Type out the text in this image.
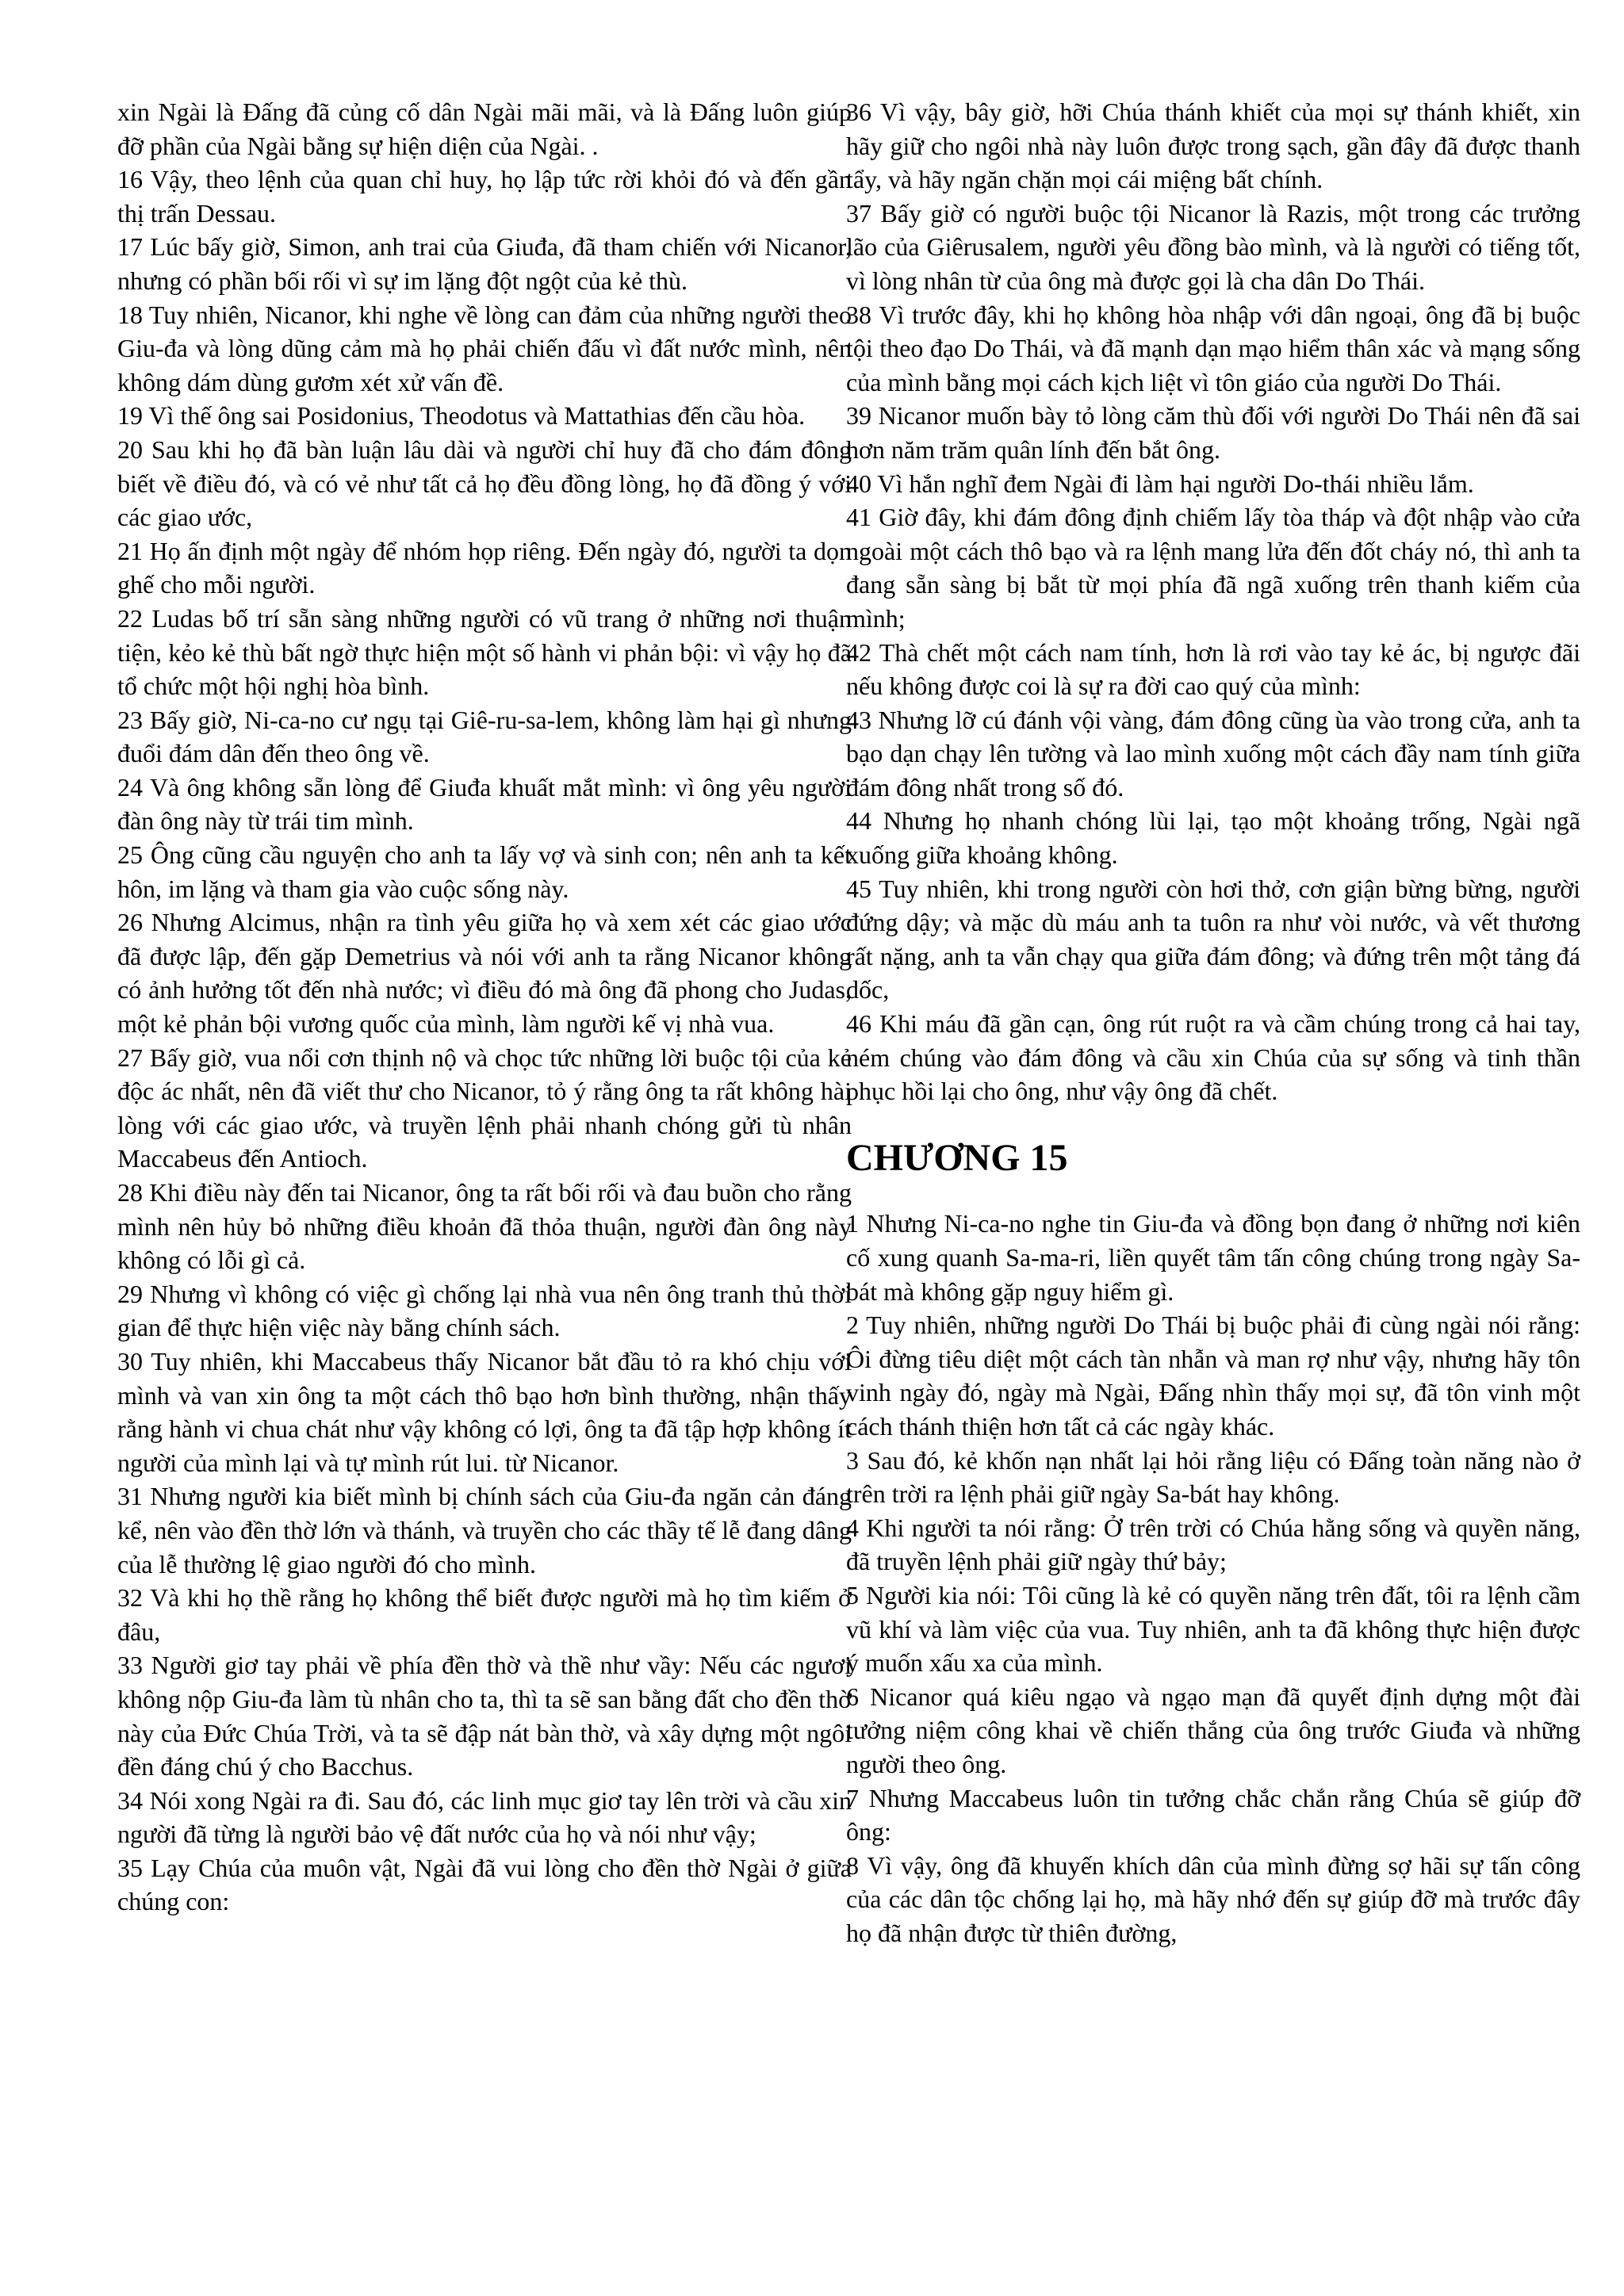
xin Ngài là Đấng đã củng cố dân Ngài mãi mãi, và là Đấng luôn giúp đỡ phần của Ngài bằng sự hiện diện của Ngài. .

16 Vậy, theo lệnh của quan chỉ huy, họ lập tức rời khỏi đó và đến gần thị trấn Dessau.

17 Lúc bấy giờ, Simon, anh trai của Giuđa, đã tham chiến với Nicanor, nhưng có phần bối rối vì sự im lặng đột ngột của kẻ thù.

18 Tuy nhiên, Nicanor, khi nghe về lòng can đảm của những người theo Giu-đa và lòng dũng cảm mà họ phải chiến đấu vì đất nước mình, nên không dám dùng gươm xét xử vấn đề.

19 Vì thế ông sai Posidonius, Theodotus và Mattathias đến cầu hòa.

20 Sau khi họ đã bàn luận lâu dài và người chỉ huy đã cho đám đông biết về điều đó, và có vẻ như tất cả họ đều đồng lòng, họ đã đồng ý với các giao ước,

21 Họ ấn định một ngày để nhóm họp riêng. Đến ngày đó, người ta dọn ghế cho mỗi người.

22 Ludas bố trí sẵn sàng những người có vũ trang ở những nơi thuận tiện, kẻo kẻ thù bất ngờ thực hiện một số hành vi phản bội: vì vậy họ đã tổ chức một hội nghị hòa bình.

23 Bấy giờ, Ni-ca-no cư ngụ tại Giê-ru-sa-lem, không làm hại gì nhưng đuổi đám dân đến theo ông về.

24 Và ông không sẵn lòng để Giuđa khuất mắt mình: vì ông yêu người đàn ông này từ trái tim mình.

25 Ông cũng cầu nguyện cho anh ta lấy vợ và sinh con; nên anh ta kết hôn, im lặng và tham gia vào cuộc sống này.

26 Nhưng Alcimus, nhận ra tình yêu giữa họ và xem xét các giao ước đã được lập, đến gặp Demetrius và nói với anh ta rằng Nicanor không có ảnh hưởng tốt đến nhà nước; vì điều đó mà ông đã phong cho Judas, một kẻ phản bội vương quốc của mình, làm người kế vị nhà vua.

27 Bấy giờ, vua nổi cơn thịnh nộ và chọc tức những lời buộc tội của kẻ độc ác nhất, nên đã viết thư cho Nicanor, tỏ ý rằng ông ta rất không hài lòng với các giao ước, và truyền lệnh phải nhanh chóng gửi tù nhân Maccabeus đến Antioch.

28 Khi điều này đến tai Nicanor, ông ta rất bối rối và đau buồn cho rằng mình nên hủy bỏ những điều khoản đã thỏa thuận, người đàn ông này không có lỗi gì cả.

29 Nhưng vì không có việc gì chống lại nhà vua nên ông tranh thủ thời gian để thực hiện việc này bằng chính sách.

30 Tuy nhiên, khi Maccabeus thấy Nicanor bắt đầu tỏ ra khó chịu với mình và van xin ông ta một cách thô bạo hơn bình thường, nhận thấy rằng hành vi chua chát như vậy không có lợi, ông ta đã tập hợp không ít người của mình lại và tự mình rút lui. từ Nicanor.

31 Nhưng người kia biết mình bị chính sách của Giu-đa ngăn cản đáng kể, nên vào đền thờ lớn và thánh, và truyền cho các thầy tế lễ đang dâng của lễ thường lệ giao người đó cho mình.

32 Và khi họ thề rằng họ không thể biết được người mà họ tìm kiếm ở đâu,

33 Người giơ tay phải về phía đền thờ và thề như vầy: Nếu các ngươi không nộp Giu-đa làm tù nhân cho ta, thì ta sẽ san bằng đất cho đền thờ này của Đức Chúa Trời, và ta sẽ đập nát bàn thờ, và xây dựng một ngôi đền đáng chú ý cho Bacchus.

34 Nói xong Ngài ra đi. Sau đó, các linh mục giơ tay lên trời và cầu xin người đã từng là người bảo vệ đất nước của họ và nói như vậy;

35 Lạy Chúa của muôn vật, Ngài đã vui lòng cho đền thờ Ngài ở giữa chúng con:

36 Vì vậy, bây giờ, hỡi Chúa thánh khiết của mọi sự thánh khiết, xin hãy giữ cho ngôi nhà này luôn được trong sạch, gần đây đã được thanh tẩy, và hãy ngăn chặn mọi cái miệng bất chính.

37 Bấy giờ có người buộc tội Nicanor là Razis, một trong các trưởng lão của Giêrusalem, người yêu đồng bào mình, và là người có tiếng tốt, vì lòng nhân từ của ông mà được gọi là cha dân Do Thái.

38 Vì trước đây, khi họ không hòa nhập với dân ngoại, ông đã bị buộc tội theo đạo Do Thái, và đã mạnh dạn mạo hiểm thân xác và mạng sống của mình bằng mọi cách kịch liệt vì tôn giáo của người Do Thái.

39 Nicanor muốn bày tỏ lòng căm thù đối với người Do Thái nên đã sai hơn năm trăm quân lính đến bắt ông.

40 Vì hắn nghĩ đem Ngài đi làm hại người Do-thái nhiều lắm.

41 Giờ đây, khi đám đông định chiếm lấy tòa tháp và đột nhập vào cửa ngoài một cách thô bạo và ra lệnh mang lửa đến đốt cháy nó, thì anh ta đang sẵn sàng bị bắt từ mọi phía đã ngã xuống trên thanh kiếm của mình;

42 Thà chết một cách nam tính, hơn là rơi vào tay kẻ ác, bị ngược đãi nếu không được coi là sự ra đời cao quý của mình:

43 Nhưng lỡ cú đánh vội vàng, đám đông cũng ùa vào trong cửa, anh ta bạo dạn chạy lên tường và lao mình xuống một cách đầy nam tính giữa đám đông nhất trong số đó.

44 Nhưng họ nhanh chóng lùi lại, tạo một khoảng trống, Ngài ngã xuống giữa khoảng không.

45 Tuy nhiên, khi trong người còn hơi thở, cơn giận bừng bừng, người đứng dậy; và mặc dù máu anh ta tuôn ra như vòi nước, và vết thương rất nặng, anh ta vẫn chạy qua giữa đám đông; và đứng trên một tảng đá dốc,

46 Khi máu đã gần cạn, ông rút ruột ra và cầm chúng trong cả hai tay, ném chúng vào đám đông và cầu xin Chúa của sự sống và tinh thần phục hồi lại cho ông, như vậy ông đã chết.

CHƯƠNG 15

1 Nhưng Ni-ca-no nghe tin Giu-đa và đồng bọn đang ở những nơi kiên cố xung quanh Sa-ma-ri, liền quyết tâm tấn công chúng trong ngày Sa-bát mà không gặp nguy hiểm gì.

2 Tuy nhiên, những người Do Thái bị buộc phải đi cùng ngài nói rằng: Ôi đừng tiêu diệt một cách tàn nhẫn và man rợ như vậy, nhưng hãy tôn vinh ngày đó, ngày mà Ngài, Đấng nhìn thấy mọi sự, đã tôn vinh một cách thánh thiện hơn tất cả các ngày khác.

3 Sau đó, kẻ khốn nạn nhất lại hỏi rằng liệu có Đấng toàn năng nào ở trên trời ra lệnh phải giữ ngày Sa-bát hay không.

4 Khi người ta nói rằng: Ở trên trời có Chúa hằng sống và quyền năng, đã truyền lệnh phải giữ ngày thứ bảy;

5 Người kia nói: Tôi cũng là kẻ có quyền năng trên đất, tôi ra lệnh cầm vũ khí và làm việc của vua. Tuy nhiên, anh ta đã không thực hiện được ý muốn xấu xa của mình.

6 Nicanor quá kiêu ngạo và ngạo mạn đã quyết định dựng một đài tưởng niệm công khai về chiến thắng của ông trước Giuđa và những người theo ông.

7 Nhưng Maccabeus luôn tin tưởng chắc chắn rằng Chúa sẽ giúp đỡ ông:

8 Vì vậy, ông đã khuyến khích dân của mình đừng sợ hãi sự tấn công của các dân tộc chống lại họ, mà hãy nhớ đến sự giúp đỡ mà trước đây họ đã nhận được từ thiên đường,
